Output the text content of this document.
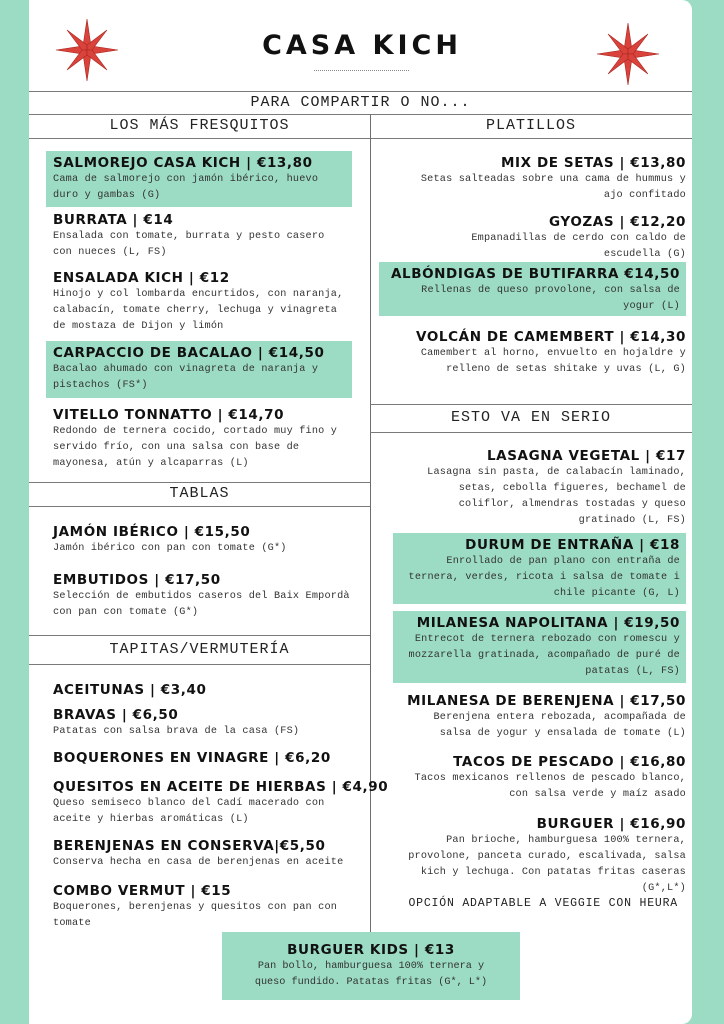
CASA KICH
PARA COMPARTIR O NO...
LOS MÁS FRESQUITOS
SALMOREJO CASA KICH | €13,80
Cama de salmorejo con jamón ibérico, huevo duro y gambas (G)
BURRATA | €14
Ensalada con tomate, burrata y pesto casero con nueces (L, FS)
ENSALADA KICH | €12
Hinojo y col lombarda encurtidos, con naranja, calabacín, tomate cherry, lechuga y vinagreta de mostaza de Dijon y limón
CARPACCIO DE BACALAO | €14,50
Bacalao ahumado con vinagreta de naranja y pistachos (FS*)
VITELLO TONNATTO | €14,70
Redondo de ternera cocido, cortado muy fino y servido frío, con una salsa con base de mayonesa, atún y alcaparras (L)
TABLAS
JAMÓN IBÉRICO | €15,50
Jamón ibérico con pan con tomate (G*)
EMBUTIDOS | €17,50
Selección de embutidos caseros del Baix Empordà con pan con tomate (G*)
TAPITAS/VERMUTERÍA
ACEITUNAS | €3,40
BRAVAS | €6,50
Patatas con salsa brava de la casa (FS)
BOQUERONES EN VINAGRE | €6,20
QUESITOS EN ACEITE DE HIERBAS | €4,90
Queso semiseco blanco del Cadí macerado con aceite y hierbas aromáticas (L)
BERENJENAS EN CONSERVA|€5,50
Conserva hecha en casa de berenjenas en aceite
COMBO VERMUT | €15
Boquerones, berenjenas y quesitos con pan con tomate
PLATILLOS
MIX DE SETAS | €13,80
Setas salteadas sobre una cama de hummus y ajo confitado
GYOZAS | €12,20
Empanadillas de cerdo con caldo de escudella (G)
ALBÓNDIGAS DE BUTIFARRA €14,50
Rellenas de queso provolone, con salsa de yogur (L)
VOLCÁN DE CAMEMBERT | €14,30
Camembert al horno, envuelto en hojaldre y relleno de setas shitake y uvas (L, G)
ESTO VA EN SERIO
LASAGNA VEGETAL | €17
Lasagna sin pasta, de calabacín laminado, setas, cebolla figueres, bechamel de coliflor, almendras tostadas y queso gratinado (L, FS)
DURUM DE ENTRAÑA | €18
Enrollado de pan plano con entraña de ternera, verdes, ricota i salsa de tomate i chile picante (G, L)
MILANESA NAPOLITANA | €19,50
Entrecot de ternera rebozado con romescu y mozzarella gratinada, acompañado de puré de patatas (L, FS)
MILANESA DE BERENJENA | €17,50
Berenjena entera rebozada, acompañada de salsa de yogur y ensalada de tomate (L)
TACOS DE PESCADO | €16,80
Tacos mexicanos rellenos de pescado blanco, con salsa verde y maíz asado
BURGUER | €16,90
Pan brioche, hamburguesa 100% ternera, provolone, panceta curado, escalivada, salsa kich y lechuga. Con patatas fritas caseras (G*,L*)
OPCIÓN ADAPTABLE A VEGGIE CON HEURA
BURGUER KIDS | €13
Pan bollo, hamburguesa 100% ternera y
queso fundido. Patatas fritas (G*, L*)
